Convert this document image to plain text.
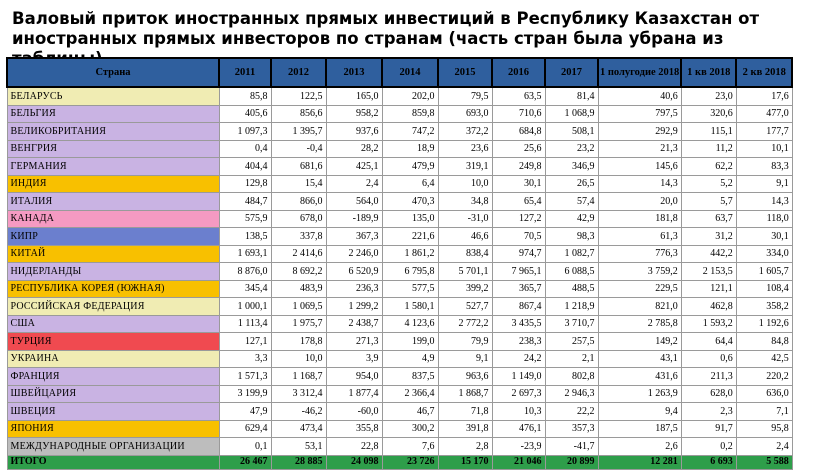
Валовый приток иностранных прямых инвестиций в Республику Казахстан от иностранных прямых инвесторов по странам (часть стран была убрана из
Страна	2011	2012	2013	2014	2015	2016	2017	1 полугодие 2018	1 кв 2018	2 кв 2018
БЕЛАРУСЬ	85,8	122,5	165,0	202,0	79,5	63,5	81,4	40,6	23,0	17,6
БЕЛЬГИЯ	405,6	856,6	958,2	859,8	693,0	710,6	1 068,9	797,5	320,6	477,0
ВЕЛИКОБРИТАНИЯ	1 097,3	1 395,7	937,6	747,2	372,2	684,8	508,1	292,9	115,1	177,7
ВЕНГРИЯ	0,4	-0,4	28,2	18,9	23,6	25,6	23,2	21,3	11,2	10,1
ГЕРМАНИЯ	404,4	681,6	425,1	479,9	319,1	249,8	346,9	145,6	62,2	83,3
ИНДИЯ	129,8	15,4	2,4	6,4	10,0	30,1	26,5	14,3	5,2	9,1
ИТАЛИЯ	484,7	866,0	564,0	470,3	34,8	65,4	57,4	20,0	5,7	14,3
КАНАДА	575,9	678,0	-189,9	135,0	-31,0	127,2	42,9	181,8	63,7	118,0
КИПР	138,5	337,8	367,3	221,6	46,6	70,5	98,3	61,3	31,2	30,1
КИТАЙ	1 693,1	2 414,6	2 246,0	1 861,2	838,4	974,7	1 082,7	776,3	442,2	334,0
НИДЕРЛАНДЫ	8 876,0	8 692,2	6 520,9	6 795,8	5 701,1	7 965,1	6 088,5	3 759,2	2 153,5	1 605,7
РЕСПУБЛИКА КОРЕЯ (ЮЖНАЯ)	345,4	483,9	236,3	577,5	399,2	365,7	488,5	229,5	121,1	108,4
РОССИЙСКАЯ ФЕДЕРАЦИЯ	1 000,1	1 069,5	1 299,2	1 580,1	527,7	867,4	1 218,9	821,0	462,8	358,2
США	1 113,4	1 975,7	2 438,7	4 123,6	2 772,2	3 435,5	3 710,7	2 785,8	1 593,2	1 192,6
ТУРЦИЯ	127,1	178,8	271,3	199,0	79,9	238,3	257,5	149,2	64,4	84,8
УКРАИНА	3,3	10,0	3,9	4,9	9,1	24,2	2,1	43,1	0,6	42,5
ФРАНЦИЯ	1 571,3	1 168,7	954,0	837,5	963,6	1 149,0	802,8	431,6	211,3	220,2
ШВЕЙЦАРИЯ	3 199,9	3 312,4	1 877,4	2 366,4	1 868,7	2 697,3	2 946,3	1 263,9	628,0	636,0
ШВЕЦИЯ	47,9	-46,2	-60,0	46,7	71,8	10,3	22,2	9,4	2,3	7,1
ЯПОНИЯ	629,4	473,4	355,8	300,2	391,8	476,1	357,3	187,5	91,7	95,8
МЕЖДУНАРОДНЫЕ ОРГАНИЗАЦИИ	0,1	53,1	22,8	7,6	2,8	-23,9	-41,7	2,6	0,2	2,4
ИТОГО	26 467	28 885	24 098	23 726	15 170	21 046	20 899	12 281	6 693	5 588
